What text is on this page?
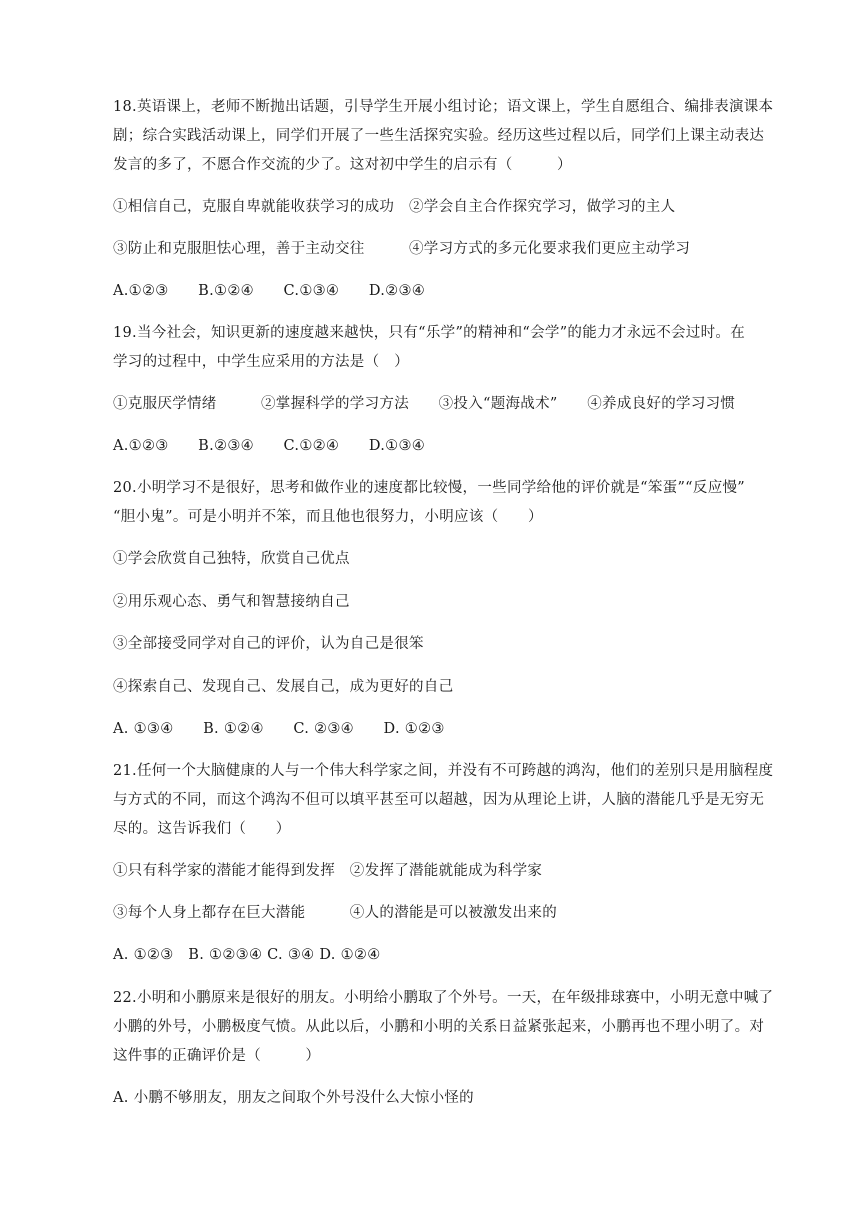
18.英语课上，老师不断抛出话题，引导学生开展小组讨论；语文课上，学生自愿组合、编排表演课本
剧；综合实践活动课上，同学们开展了一些生活探究实验。经历这些过程以后，同学们上课主动表达
发言的多了，不愿合作交流的少了。这对初中学生的启示有（　　　）
①相信自己，克服自卑就能收获学习的成功　②学会自主合作探究学习，做学习的主人
③防止和克服胆怯心理，善于主动交往　　　④学习方式的多元化要求我们更应主动学习
A.①②③　　B.①②④　　C.①③④　　D.②③④
19.当今社会，知识更新的速度越来越快，只有“乐学”的精神和“会学”的能力才永远不会过时。在
学习的过程中，中学生应采用的方法是（　）
①克服厌学情绪　　　②掌握科学的学习方法　　③投入“题海战术”　　④养成良好的学习习惯
A.①②③　　B.②③④　　C.①②④　　D.①③④
20.小明学习不是很好，思考和做作业的速度都比较慢，一些同学给他的评价就是“笨蛋”“反应慢”
“胆小鬼”。可是小明并不笨，而且他也很努力，小明应该（　　）
①学会欣赏自己独特，欣赏自己优点
②用乐观心态、勇气和智慧接纳自己
③全部接受同学对自己的评价，认为自己是很笨
④探索自己、发现自己、发展自己，成为更好的自己
A. ①③④　　B. ①②④　　C. ②③④　　D. ①②③
21.任何一个大脑健康的人与一个伟大科学家之间，并没有不可跨越的鸿沟，他们的差别只是用脑程度
与方式的不同，而这个鸿沟不但可以填平甚至可以超越，因为从理论上讲，人脑的潜能几乎是无穷无
尽的。这告诉我们（　　）
①只有科学家的潜能才能得到发挥　②发挥了潜能就能成为科学家
③每个人身上都存在巨大潜能　　　④人的潜能是可以被激发出来的
A. ①②③　B. ①②③④ C. ③④ D. ①②④
22.小明和小鹏原来是很好的朋友。小明给小鹏取了个外号。一天，在年级排球赛中，小明无意中喊了
小鹏的外号，小鹏极度气愤。从此以后，小鹏和小明的关系日益紧张起来，小鹏再也不理小明了。对
这件事的正确评价是（　　　）
A. 小鹏不够朋友，朋友之间取个外号没什么大惊小怪的
